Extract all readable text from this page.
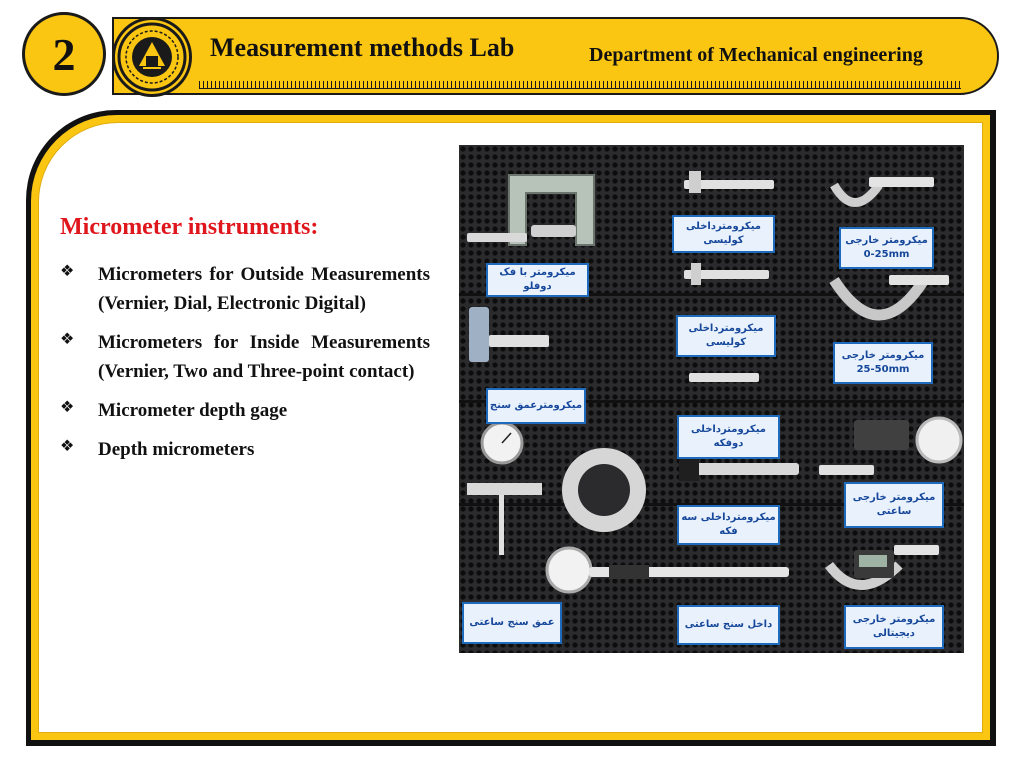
2	Measurement methods Lab	Department of Mechanical engineering
Micrometer instruments:
❖	Micrometers for Outside Measurements (Vernier, Dial, Electronic Digital)
❖	Micrometers for Inside Measurements (Vernier, Two and Three-point contact)
❖	Micrometer depth gage
❖	Depth micrometers
میکرومتر با فک دوفلو
میکرومترداخلی کولیسی	میکرومتر خارجی
0-25mm
میکرومترداخلی کولیسی
میکرومتر خارجی
25-50mm
میکرومترعمق سنج
میکرومترداخلی دوفکه
میکرومتر خارجی ساعتی
میکرومترداخلی سه فکه
عمق سنج ساعتی	داخل سنج ساعتی	میکرومتر خارجی دیجیتالی
